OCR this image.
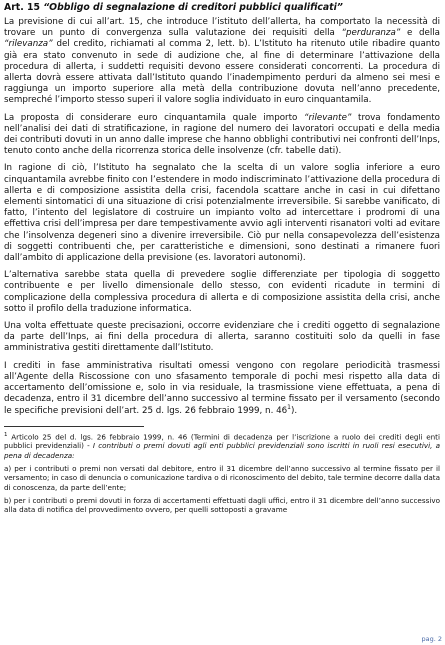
Art. 15 “Obbligo di segnalazione di creditori pubblici qualificati”

La previsione di cui all’art. 15, che introduce l’istituto dell’allerta, ha comportato la necessità di trovare un punto di convergenza sulla valutazione dei requisiti della “perduranza” e della “rilevanza” del credito, richiamati al comma 2, lett. b). L’Istituto ha ritenuto utile ribadire quanto già era stato convenuto in sede di audizione che, al fine di determinare l’attivazione della procedura di allerta, i suddetti requisiti devono essere considerati concorrenti. La procedura di allerta dovrà essere attivata dall’Istituto quando l’inadempimento perduri da almeno sei mesi e raggiunga un importo superiore alla metà della contribuzione dovuta nell’anno precedente, sempreché l’importo stesso superi il valore soglia individuato in euro cinquantamila.

La proposta di considerare euro cinquantamila quale importo “rilevante” trova fondamento nell’analisi dei dati di stratificazione, in ragione del numero dei lavoratori occupati e della media dei contributi dovuti in un anno dalle imprese che hanno obblighi contributivi nei confronti dell’Inps, tenuto conto anche della ricorrenza storica delle insolvenze (cfr. tabelle dati).

In ragione di ciò, l’Istituto ha segnalato che la scelta di un valore soglia inferiore a euro cinquantamila avrebbe finito con l’estendere in modo indiscriminato l’attivazione della procedura di allerta e di composizione assistita della crisi, facendola scattare anche in casi in cui difettano elementi sintomatici di una situazione di crisi potenzialmente irreversibile. Si sarebbe vanificato, di fatto, l’intento del legislatore di costruire un impianto volto ad intercettare i prodromi di una effettiva crisi dell’impresa per dare tempestivamente avvio agli interventi risanatori volti ad evitare che l’insolvenza degeneri sino a divenire irreversibile. Ciò pur nella consapevolezza dell’esistenza di soggetti contribuenti che, per caratteristiche e dimensioni, sono destinati a rimanere fuori dall’ambito di applicazione della previsione (es. lavoratori autonomi).

L’alternativa sarebbe stata quella di prevedere soglie differenziate per tipologia di soggetto contribuente e per livello dimensionale dello stesso, con evidenti ricadute in termini di complicazione della complessiva procedura di allerta e di composizione assistita della crisi, anche sotto il profilo della traduzione informatica.

Una volta effettuate queste precisazioni, occorre evidenziare che i crediti oggetto di segnalazione da parte dell’Inps, ai fini della procedura di allerta, saranno costituiti solo da quelli in fase amministrativa gestiti direttamente dall’Istituto.

I crediti in fase amministrativa risultati omessi vengono con regolare periodicità trasmessi all’Agente della Riscossione con uno sfasamento temporale di pochi mesi rispetto alla data di accertamento dell’omissione e, solo in via residuale, la trasmissione viene effettuata, a pena di decadenza, entro il 31 dicembre dell’anno successivo al termine fissato per il versamento (secondo le specifiche previsioni dell’art. 25 d. lgs. 26 febbraio 1999, n. 46$^1$).

$^1$ Articolo 25 del d. lgs. 26 febbraio 1999, n. 46 (Termini di decadenza per l’iscrizione a ruolo dei crediti degli enti pubblici previdenziali) - I contributi o premi dovuti agli enti pubblici previdenziali sono iscritti in ruoli resi esecutivi, a pena di decadenza:

a) per i contributi o premi non versati dal debitore, entro il 31 dicembre dell’anno successivo al termine fissato per il versamento; in caso di denuncia o comunicazione tardiva o di riconoscimento del debito, tale termine decorre dalla data di conoscenza, da parte dell’ente;

b) per i contributi o premi dovuti in forza di accertamenti effettuati dagli uffici, entro il 31 dicembre dell’anno successivo alla data di notifica del provvedimento ovvero, per quelli sottoposti a gravame

pag. 2
